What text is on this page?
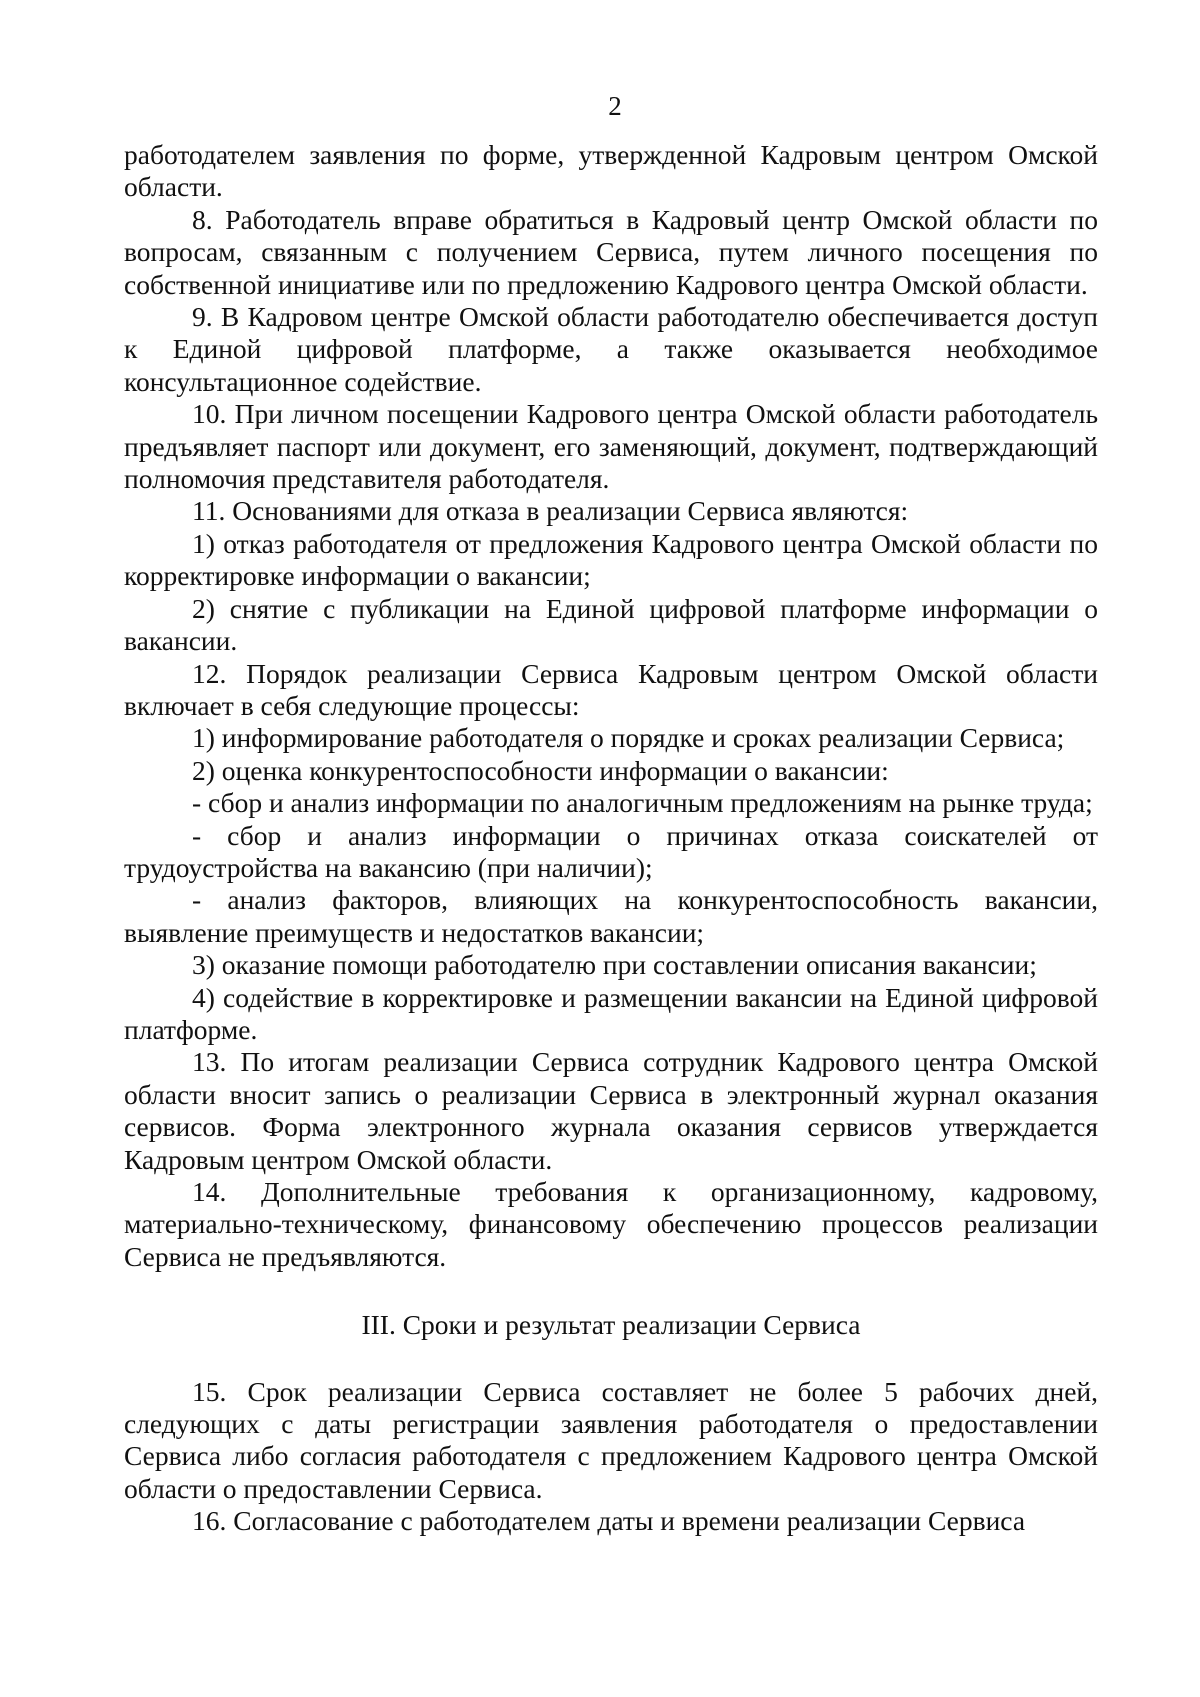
2

работодателем заявления по форме, утвержденной Кадровым центром Омской области.

8. Работодатель вправе обратиться в Кадровый центр Омской области по вопросам, связанным с получением Сервиса, путем личного посещения по собственной инициативе или по предложению Кадрового центра Омской области.

9. В Кадровом центре Омской области работодателю обеспечивается доступ к Единой цифровой платформе, а также оказывается необходимое консультационное содействие.

10. При личном посещении Кадрового центра Омской области работодатель предъявляет паспорт или документ, его заменяющий, документ, подтверждающий полномочия представителя работодателя.

11. Основаниями для отказа в реализации Сервиса являются:

1) отказ работодателя от предложения Кадрового центра Омской области по корректировке информации о вакансии;

2) снятие с публикации на Единой цифровой платформе информации о вакансии.

12. Порядок реализации Сервиса Кадровым центром Омской области включает в себя следующие процессы:

1) информирование работодателя о порядке и сроках реализации Сервиса;

2) оценка конкурентоспособности информации о вакансии:

- сбор и анализ информации по аналогичным предложениям на рынке труда;

- сбор и анализ информации о причинах отказа соискателей от трудоустройства на вакансию (при наличии);

- анализ факторов, влияющих на конкурентоспособность вакансии, выявление преимуществ и недостатков вакансии;

3) оказание помощи работодателю при составлении описания вакансии;

4) содействие в корректировке и размещении вакансии на Единой цифровой платформе.

13. По итогам реализации Сервиса сотрудник Кадрового центра Омской области вносит запись о реализации Сервиса в электронный журнал оказания сервисов. Форма электронного журнала оказания сервисов утверждается Кадровым центром Омской области.

14. Дополнительные требования к организационному, кадровому, материально-техническому, финансовому обеспечению процессов реализации Сервиса не предъявляются.

III. Сроки и результат реализации Сервиса

15. Срок реализации Сервиса составляет не более 5 рабочих дней, следующих с даты регистрации заявления работодателя о предоставлении Сервиса либо согласия работодателя с предложением Кадрового центра Омской области о предоставлении Сервиса.

16. Согласование с работодателем даты и времени реализации Сервиса
